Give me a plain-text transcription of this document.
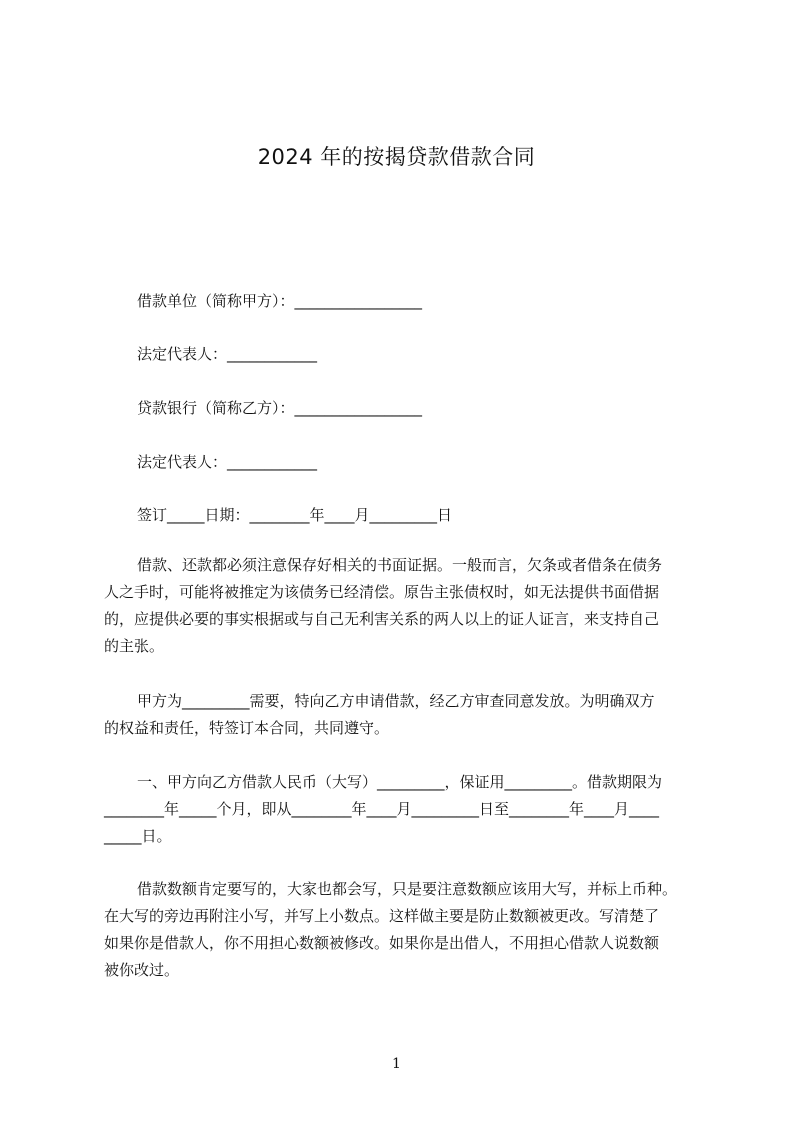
2024 年的按揭贷款借款合同
借款单位（简称甲方）：_________________
法定代表人：____________
贷款银行（简称乙方）：_________________
法定代表人：____________
签订_____日期：________年____月_________日
借款、还款都必须注意保存好相关的书面证据。一般而言，欠条或者借条在债务
人之手时，可能将被推定为该债务已经清偿。原告主张债权时，如无法提供书面借据
的，应提供必要的事实根据或与自己无利害关系的两人以上的证人证言，来支持自己
的主张。
甲方为_________需要，特向乙方申请借款，经乙方审查同意发放。为明确双方
的权益和责任，特签订本合同，共同遵守。
一、甲方向乙方借款人民币（大写）_________，保证用_________。借款期限为
________年_____个月，即从________年____月_________日至________年____月____
_____日。
借款数额肯定要写的，大家也都会写，只是要注意数额应该用大写，并标上币种。
在大写的旁边再附注小写，并写上小数点。这样做主要是防止数额被更改。写清楚了
如果你是借款人，你不用担心数额被修改。如果你是出借人，不用担心借款人说数额
被你改过。
1
